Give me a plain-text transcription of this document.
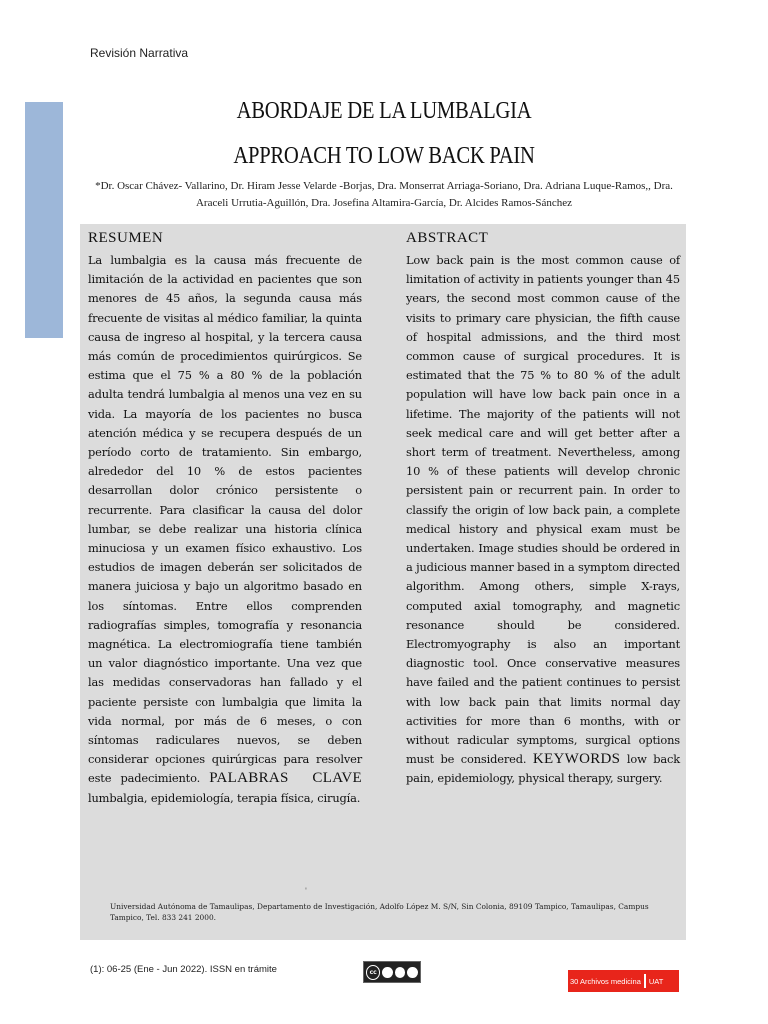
Revisión Narrativa
ABORDAJE DE LA LUMBALGIA
APPROACH TO LOW BACK PAIN
*Dr. Oscar Chávez- Vallarino, Dr. Hiram Jesse Velarde -Borjas, Dra. Monserrat Arriaga-Soriano, Dra. Adriana Luque-Ramos,, Dra.
Araceli Urrutia-Aguillón, Dra. Josefina Altamira-García, Dr. Alcides Ramos-Sánchez
RESUMEN

La lumbalgia es la causa más frecuente de limitación de la actividad en pacientes que son menores de 45 años, la segunda causa más frecuente de visitas al médico familiar, la quinta causa de ingreso al hospital, y la tercera causa más común de procedimientos quirúrgicos. Se estima que el 75 % a 80 % de la población adulta tendrá lumbalgia al menos una vez en su vida. La mayoría de los pacientes no busca atención médica y se recupera después de un período corto de tratamiento. Sin embargo, alrededor del 10 % de estos pacientes desarrollan dolor crónico persistente o recurrente. Para clasificar la causa del dolor lumbar, se debe realizar una historia clínica minuciosa y un examen físico exhaustivo. Los estudios de imagen deberán ser solicitados de manera juiciosa y bajo un algoritmo basado en los síntomas. Entre ellos comprenden radiografías simples, tomografía y resonancia magnética. La electromiografía tiene también un valor diagnóstico importante. Una vez que las medidas conservadoras han fallado y el paciente persiste con lumbalgia que limita la vida normal, por más de 6 meses, o con síntomas radiculares nuevos, se deben considerar opciones quirúrgicas para resolver este padecimiento. PALABRAS CLAVE lumbalgia, epidemiología, terapia física, cirugía.

ABSTRACT

Low back pain is the most common cause of limitation of activity in patients younger than 45 years, the second most common cause of the visits to primary care physician, the fifth cause of hospital admissions, and the third most common cause of surgical procedures. It is estimated that the 75 % to 80 % of the adult population will have low back pain once in a lifetime. The majority of the patients will not seek medical care and will get better after a short term of treatment. Nevertheless, among 10 % of these patients will develop chronic persistent pain or recurrent pain. In order to classify the origin of low back pain, a complete medical history and physical exam must be undertaken. Image studies should be ordered in a judicious manner based in a symptom directed algorithm. Among others, simple X-rays, computed axial tomography, and magnetic resonance should be considered. Electromyography is also an important diagnostic tool. Once conservative measures have failed and the patient continues to persist with low back pain that limits normal day activities for more than 6 months, with or without radicular symptoms, surgical options must be considered. KEYWORDS low back pain, epidemiology, physical therapy, surgery.

'
Universidad Autónoma de Tamaulipas, Departamento de Investigación, Adolfo López M. S/N, Sin Colonia, 89109 Tampico, Tamaulipas, Campus Tampico, Tel. 833 241 2000.
(1): 06-25 (Ene - Jun 2022). ISSN en trámite	cc
30 Archivos medicina UAT
